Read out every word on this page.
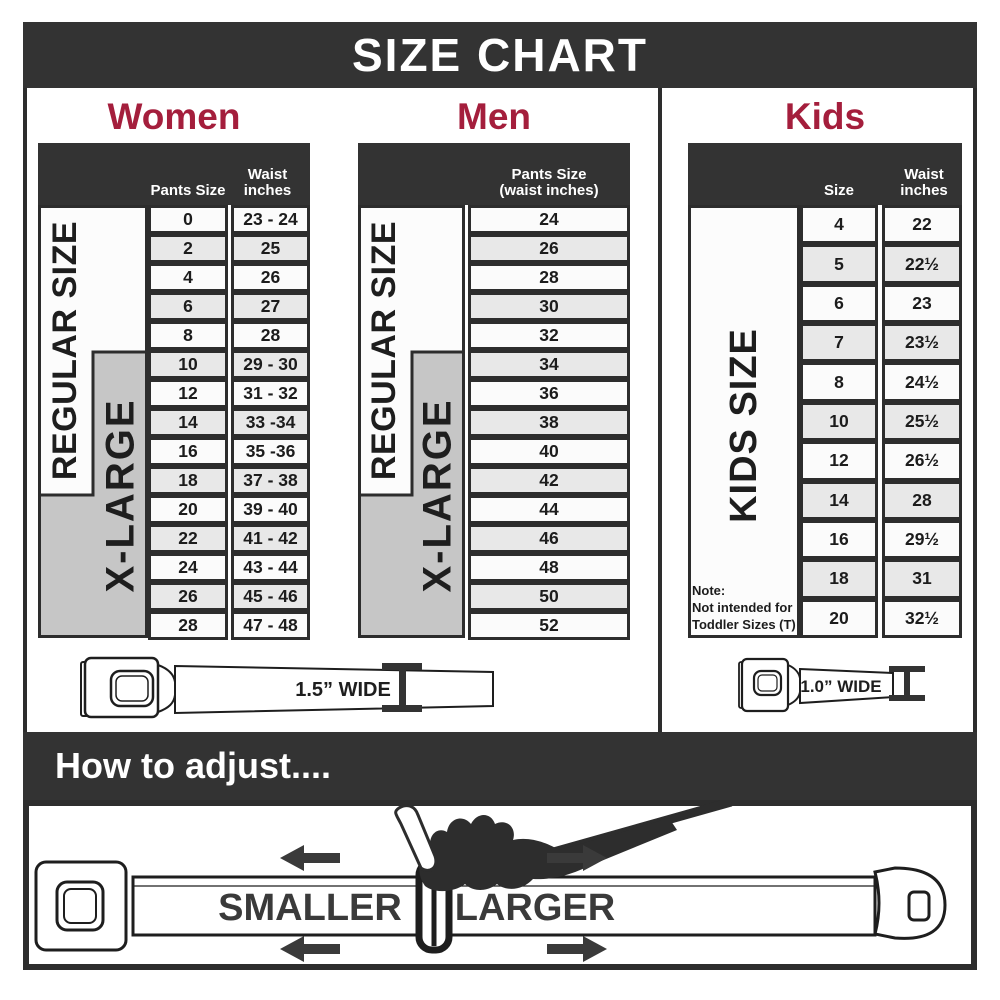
SIZE CHART
Women	Men	Kids
Pants Size
Waist
inches
REGULAR SIZE
X-LARGE
0	23 - 24
2	25
4	26
6	27
8	28
10	29 - 30
12	31 - 32
14	33 -34
16	35 -36
18	37 - 38
20	39 - 40
22	41 - 42
24	43 - 44
26	45 - 46
28	47 - 48
Pants Size
(waist inches)
REGULAR SIZE
X-LARGE
24
26
28
30
32
34
36
38
40
42
44
46
48
50
52
Size
Waist
inches
KIDS SIZE
Note:
Not intended for
Toddler Sizes (T)
4	22
5	22½
6	23
7	23½
8	24½
10	25½
12	26½
14	28
16	29½
18	31
20	32½
1.5” WIDE	1.0” WIDE
How to adjust....
SMALLER LARGER
